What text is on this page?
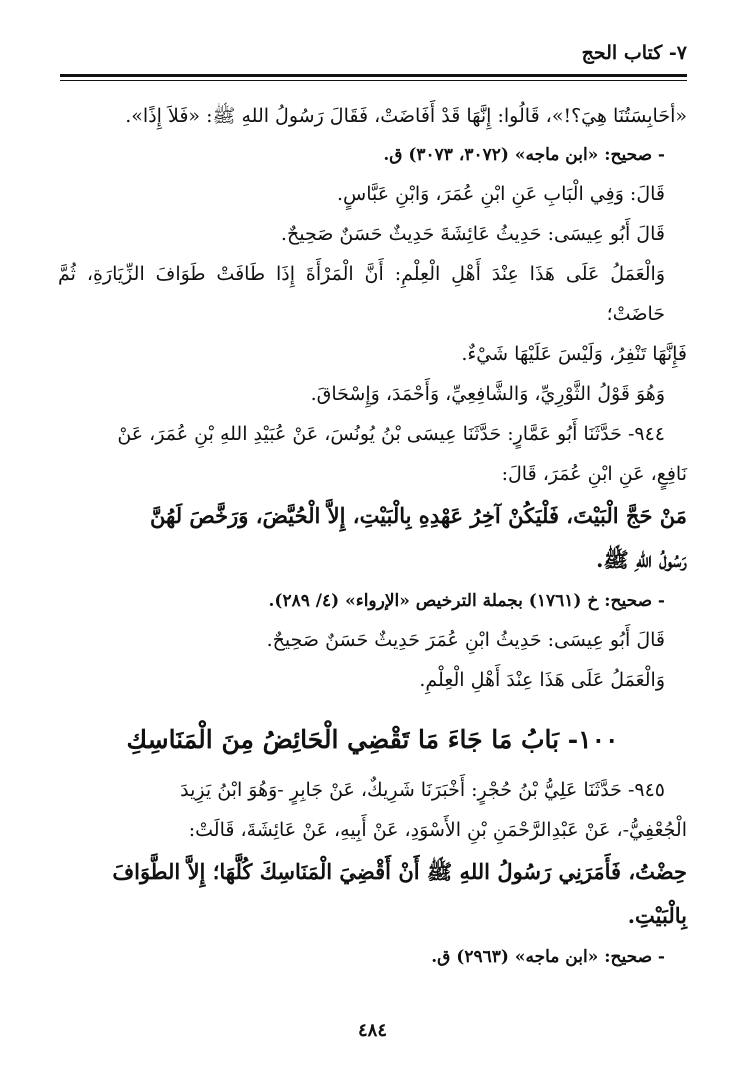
٧- كتاب الحج

«أحَابِسَتُنَا هِيَ؟!»، قَالُوا: إِنَّهَا قَدْ أَفَاضَتْ، فَقَالَ رَسُولُ اللهِ ﷺ: «فَلاَ إِذًا».

- صحيح: «ابن ماجه» (٣٠٧٢، ٣٠٧٣) ق.

قَالَ: وَفِي الْبَابِ عَنِ ابْنِ عُمَرَ، وَابْنِ عَبَّاسٍ.

قَالَ أَبُو عِيسَى: حَدِيثُ عَائِشَةَ حَدِيثٌ حَسَنٌ صَحِيحٌ.

وَالْعَمَلُ عَلَى هَذَا عِنْدَ أَهْلِ الْعِلْمِ: أَنَّ الْمَرْأَةَ إِذَا طَافَتْ طَوَافَ الزِّيَارَةِ، ثُمَّ حَاضَتْ؛

فَإِنَّهَا تَنْفِرُ، وَلَيْسَ عَلَيْهَا شَيْءٌ.

وَهُوَ قَوْلُ الثَّوْرِيِّ، وَالشَّافِعِيِّ، وَأَحْمَدَ، وَإِسْحَاقَ.

٩٤٤- حَدَّثَنَا أَبُو عَمَّارٍ: حَدَّثَنَا عِيسَى بْنُ يُونُسَ، عَنْ عُبَيْدِ اللهِ بْنِ عُمَرَ، عَنْ

نَافِعٍ، عَنِ ابْنِ عُمَرَ، قَالَ:

مَنْ حَجَّ الْبَيْتَ، فَلْيَكُنْ آخِرُ عَهْدِهِ بِالْبَيْتِ، إِلاَّ الْحُيَّضَ، وَرَخَّصَ لَهُنَّ

رَسُولُ اللهِ ﷺ.

- صحيح: خ (١٧٦١) بجملة الترخيص «الإرواء» (٤/ ٢٨٩).

قَالَ أَبُو عِيسَى: حَدِيثُ ابْنِ عُمَرَ حَدِيثٌ حَسَنٌ صَحِيحٌ.

وَالْعَمَلُ عَلَى هَذَا عِنْدَ أَهْلِ الْعِلْمِ.

١٠٠- بَابُ مَا جَاءَ مَا تَقْضِي الْحَائِضُ مِنَ الْمَنَاسِكِ

٩٤٥- حَدَّثَنَا عَلِيُّ بْنُ حُجْرٍ: أَخْبَرَنَا شَرِيكٌ، عَنْ جَابِرٍ -وَهُوَ ابْنُ يَزِيدَ

الْجُعْفِيُّ-، عَنْ عَبْدِالرَّحْمَنِ بْنِ الأَسْوَدِ، عَنْ أَبِيهِ، عَنْ عَائِشَةَ، قَالَتْ:

حِضْتُ، فَأَمَرَنِي رَسُولُ اللهِ ﷺ أَنْ أَقْضِيَ الْمَنَاسِكَ كُلَّهَا؛ إِلاَّ الطَّوَافَ

بِالْبَيْتِ.

- صحيح: «ابن ماجه» (٢٩٦٣) ق.

٤٨٤
